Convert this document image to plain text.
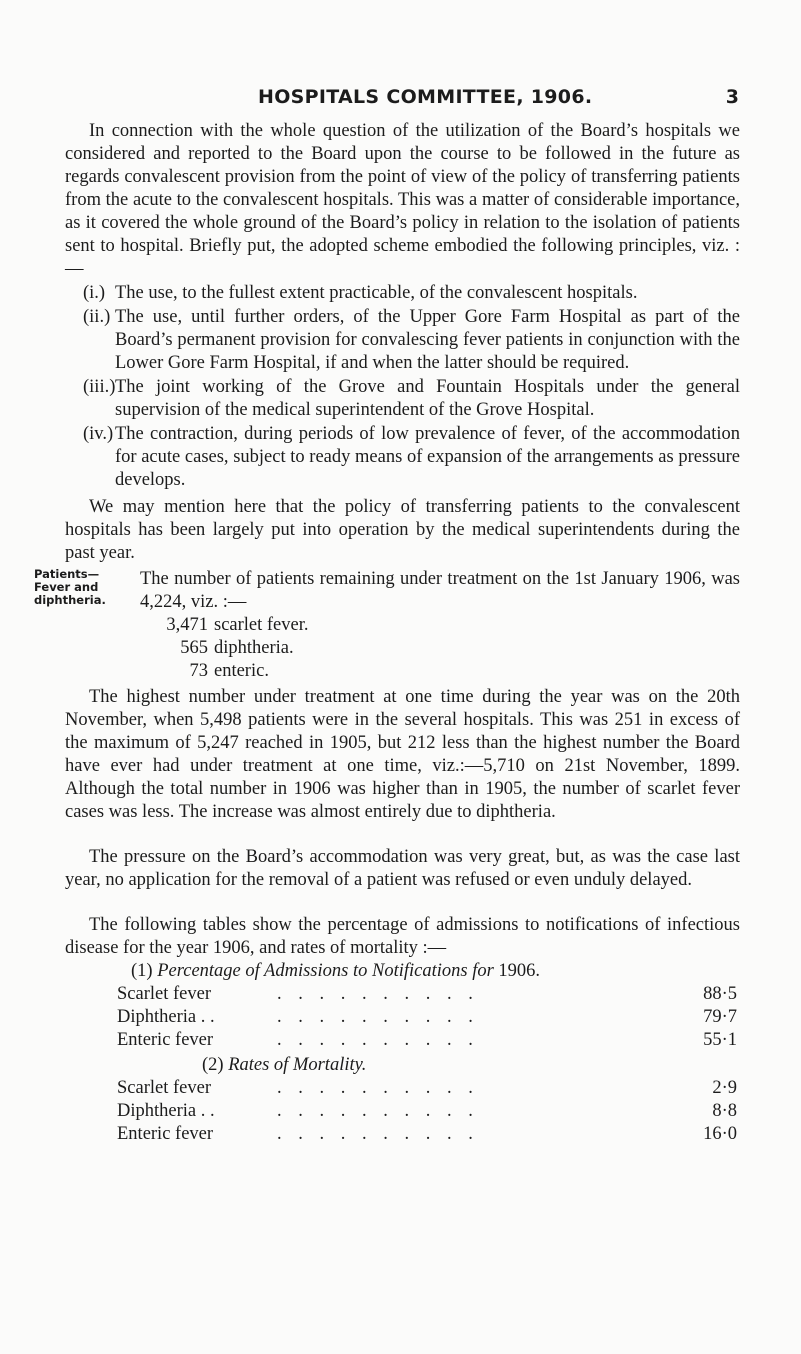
HOSPITALS COMMITTEE, 1906.	3

In connection with the whole question of the utilization of the Board’s hospitals we considered and reported to the Board upon the course to be followed in the future as regards convalescent provision from the point of view of the policy of transferring patients from the acute to the convalescent hospitals. This was a matter of considerable importance, as it covered the whole ground of the Board’s policy in relation to the isolation of patients sent to hospital. Briefly put, the adopted scheme embodied the following principles, viz. :—

(i.) The use, to the fullest extent practicable, of the convalescent hospitals.
(ii.) The use, until further orders, of the Upper Gore Farm Hospital as part of the Board’s permanent provision for convalescing fever patients in conjunction with the Lower Gore Farm Hospital, if and when the latter should be required.
(iii.) The joint working of the Grove and Fountain Hospitals under the general supervision of the medical superintendent of the Grove Hospital.
(iv.) The contraction, during periods of low prevalence of fever, of the accommodation for acute cases, subject to ready means of expansion of the arrangements as pressure develops.

We may mention here that the policy of transferring patients to the convalescent hospitals has been largely put into operation by the medical superintendents during the past year.

Patients—
Fever and
diphtheria.

The number of patients remaining under treatment on the 1st January 1906, was 4,224, viz. :—

3,471 scarlet fever.
565 diphtheria.
73 enteric.

The highest number under treatment at one time during the year was on the 20th November, when 5,498 patients were in the several hospitals. This was 251 in excess of the maximum of 5,247 reached in 1905, but 212 less than the highest number the Board have ever had under treatment at one time, viz.:—5,710 on 21st November, 1899. Although the total number in 1906 was higher than in 1905, the number of scarlet fever cases was less. The increase was almost entirely due to diphtheria.

The pressure on the Board’s accommodation was very great, but, as was the case last year, no application for the removal of a patient was refused or even unduly delayed.

The following tables show the percentage of admissions to notifications of infectious disease for the year 1906, and rates of mortality :—

(1) Percentage of Admissions to Notifications for 1906.
Scarlet fever	. . . . . . . . . .	88·5
Diphtheria . .	. . . . . . . . . .	79·7
Enteric fever	. . . . . . . . . .	55·1
(2) Rates of Mortality.
Scarlet fever	. . . . . . . . . .	2·9
Diphtheria . .	. . . . . . . . . .	8·8
Enteric fever	. . . . . . . . . .	16·0
